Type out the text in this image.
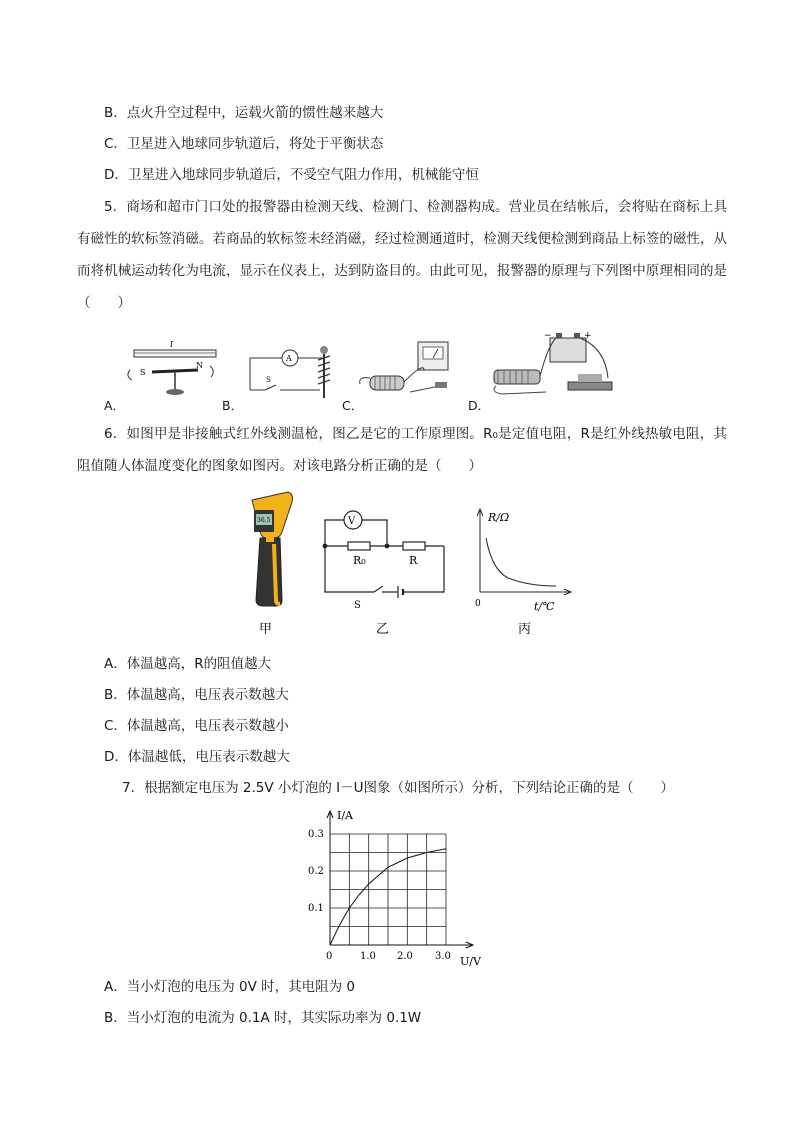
B．点火升空过程中，运载火箭的惯性越来越大
C．卫星进入地球同步轨道后，将处于平衡状态
D．卫星进入地球同步轨道后，不受空气阻力作用，机械能守恒
5．商场和超市门口处的报警器由检测天线、检测门、检测器构成。营业员在结帐后，会将贴在商标上具有磁性的软标签消磁。若商品的软标签未经消磁，经过检测通道时，检测天线便检测到商品上标签的磁性，从而将机械运动转化为电流，显示在仪表上，达到防盗目的。由此可见，报警器的原理与下列图中原理相同的是（　　）
I
S
N
A
S
−	+
A．	B．	C．	D．
6．如图甲是非接触式红外线测温枪，图乙是它的工作原理图。R₀是定值电阻，R是红外线热敏电阻，其阻值随人体温度变化的图象如图丙。对该电路分析正确的是（　　）
36.5	V
R₀	R
S
R/Ω
t/℃
0
甲	乙	丙
A．体温越高，R的阻值越大
B．体温越高，电压表示数越大
C．体温越高，电压表示数越小
D．体温越低，电压表示数越大
7．根据额定电压为 2.5V 小灯泡的 I－U图象（如图所示）分析，下列结论正确的是（　　）
I/A
U/V
0	1.0 2.0 3.0
0.1
0.2
0.3
A．当小灯泡的电压为 0V 时，其电阻为 0
B．当小灯泡的电流为 0.1A 时，其实际功率为 0.1W
